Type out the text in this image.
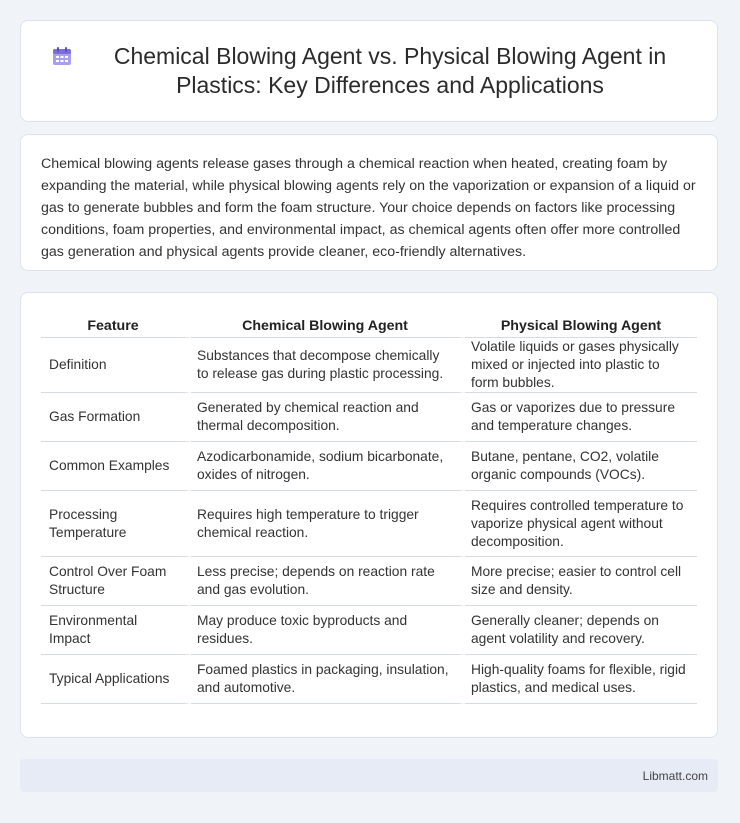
Chemical Blowing Agent vs. Physical Blowing Agent in Plastics: Key Differences and Applications

Chemical blowing agents release gases through a chemical reaction when heated, creating foam by expanding the material, while physical blowing agents rely on the vaporization or expansion of a liquid or gas to generate bubbles and form the foam structure. Your choice depends on factors like processing conditions, foam properties, and environmental impact, as chemical agents often offer more controlled gas generation and physical agents provide cleaner, eco-friendly alternatives.

Feature	Chemical Blowing Agent	Physical Blowing Agent
Definition	Substances that decompose chemically to release gas during plastic processing.	Volatile liquids or gases physically mixed or injected into plastic to form bubbles.
Gas Formation	Generated by chemical reaction and thermal decomposition.	Gas or vaporizes due to pressure and temperature changes.
Common Examples	Azodicarbonamide, sodium bicarbonate, oxides of nitrogen.	Butane, pentane, CO2, volatile organic compounds (VOCs).
Processing Temperature	Requires high temperature to trigger chemical reaction.	Requires controlled temperature to vaporize physical agent without decomposition.
Control Over Foam Structure	Less precise; depends on reaction rate and gas evolution.	More precise; easier to control cell size and density.
Environmental Impact	May produce toxic byproducts and residues.	Generally cleaner; depends on agent volatility and recovery.
Typical Applications	Foamed plastics in packaging, insulation, and automotive.	High-quality foams for flexible, rigid plastics, and medical uses.
Libmatt.com
